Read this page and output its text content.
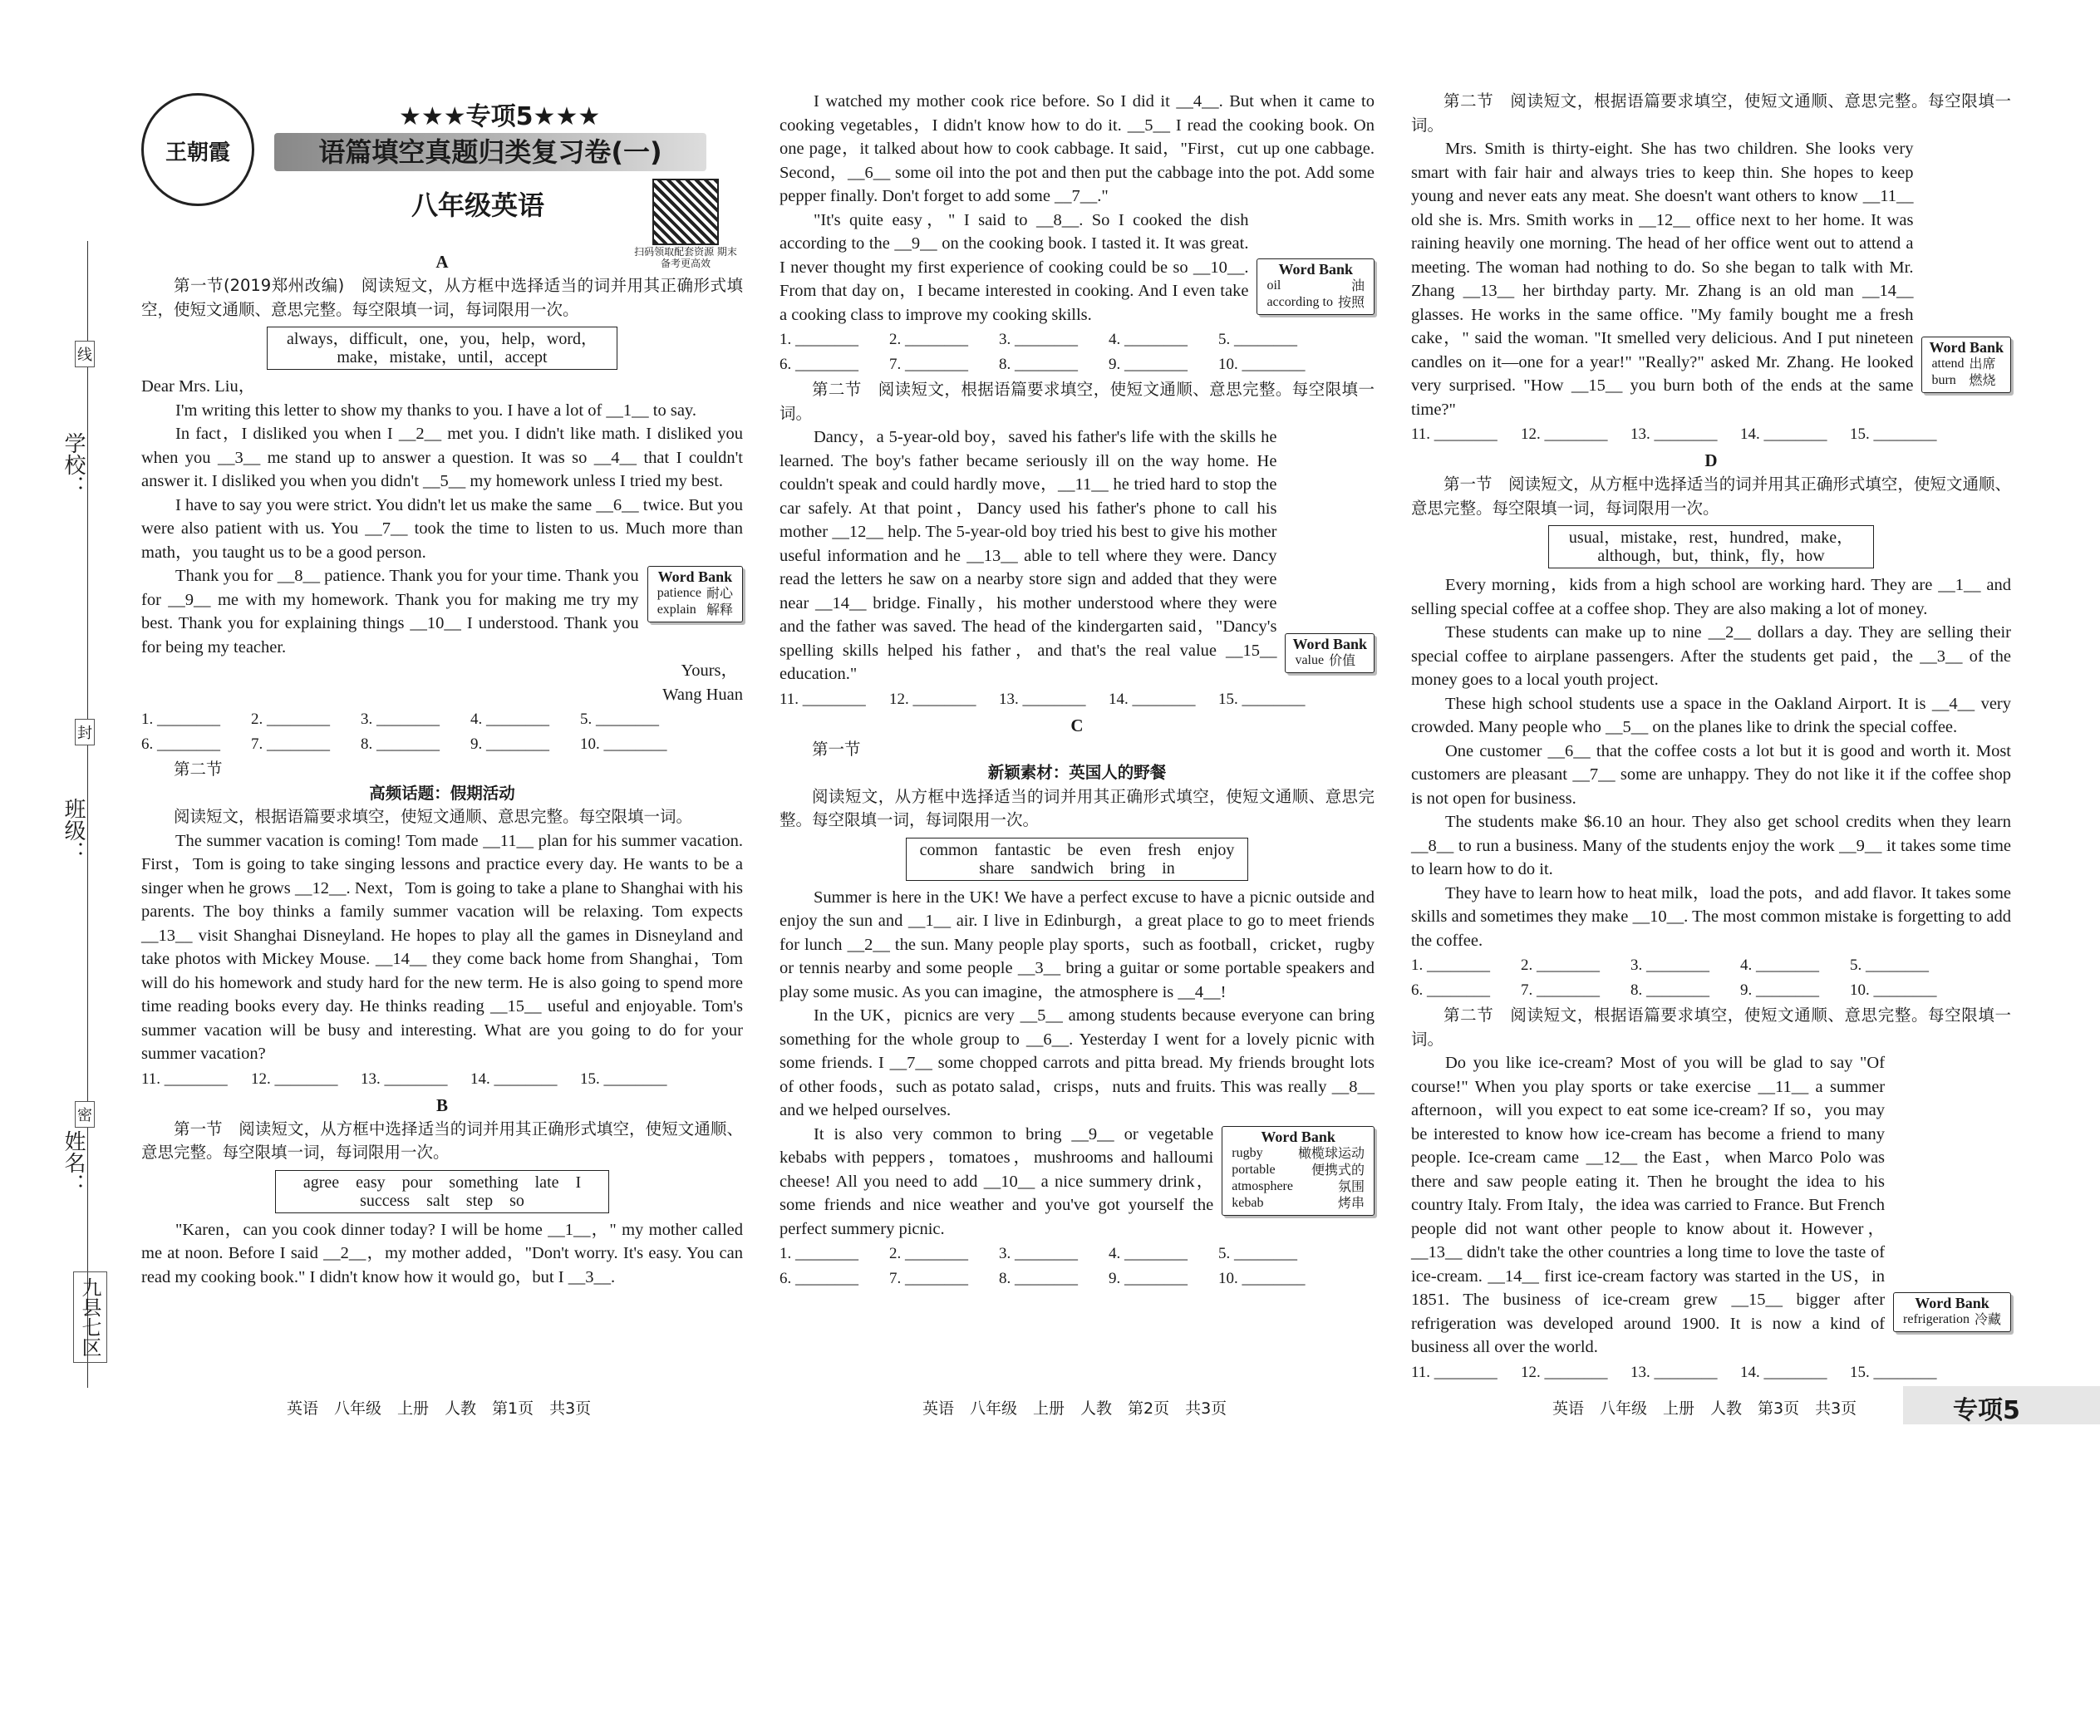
学校：
班级：
姓名：
线
封
密
九县七区
王朝霞
★★★专项5★★★
语篇填空真题归类复习卷(一)
八年级英语
扫码领取配套资源 期末备考更高效

A

第一节(2019郑州改编)　阅读短文，从方框中选择适当的词并用其正确形式填空，使短文通顺、意思完整。每空限填一词，每词限用一次。

always，difficult，one，you，help，word，make，mistake，until，accept

Dear Mrs. Liu，

I'm writing this letter to show my thanks to you. I have a lot of __1__ to say.

In fact，I disliked you when I __2__ met you. I didn't like math. I disliked you when you __3__ me stand up to answer a question. It was so __4__ that I couldn't answer it. I disliked you when you didn't __5__ my homework unless I tried my best.

I have to say you were strict. You didn't let us make the same __6__ twice. But you were also patient with us. You __7__ took the time to listen to us. Much more than math，you taught us to be a good person.

Word Bank
patience	耐心
explain	解释

Thank you for __8__ patience. Thank you for your time. Thank you for __9__ me with my homework. Thank you for making me try my best. Thank you for explaining things __10__ I understood. Thank you for being my teacher.

Yours，

Wang Huan

1. ________ 2. ________ 3. ________ 4. ________ 5. ________
6. ________ 7. ________ 8. ________ 9. ________ 10. ________

第二节

高频话题：假期活动

阅读短文，根据语篇要求填空，使短文通顺、意思完整。每空限填一词。

The summer vacation is coming! Tom made __11__ plan for his summer vacation. First，Tom is going to take singing lessons and practice every day. He wants to be a singer when he grows __12__. Next，Tom is going to take a plane to Shanghai with his parents. The boy thinks a family summer vacation will be relaxing. Tom expects __13__ visit Shanghai Disneyland. He hopes to play all the games in Disneyland and take photos with Mickey Mouse. __14__ they come back home from Shanghai，Tom will do his homework and study hard for the new term. He is also going to spend more time reading books every day. He thinks reading __15__ useful and enjoyable. Tom's summer vacation will be busy and interesting. What are you going to do for your summer vacation?

11. ________ 12. ________ 13. ________ 14. ________ 15. ________

B

第一节　阅读短文，从方框中选择适当的词并用其正确形式填空，使短文通顺、意思完整。每空限填一词，每词限用一次。

agree　easy　pour　something　late　I　success　salt　step　so

"Karen，can you cook dinner today? I will be home __1__，" my mother called me at noon. Before I said __2__，my mother added，"Don't worry. It's easy. You can read my cooking book." I didn't know how it would go，but I __3__.

I watched my mother cook rice before. So I did it __4__. But when it came to cooking vegetables，I didn't know how to do it. __5__ I read the cooking book. On one page，it talked about how to cook cabbage. It said，"First，cut up one cabbage. Second，__6__ some oil into the pot and then put the cabbage into the pot. Add some pepper finally. Don't forget to add some __7__."

Word Bank
oil	油
according to	按照

"It's quite easy，" I said to __8__. So I cooked the dish according to the __9__ on the cooking book. I tasted it. It was great. I never thought my first experience of cooking could be so __10__. From that day on，I became interested in cooking. And I even take a cooking class to improve my cooking skills.

1. ________ 2. ________ 3. ________ 4. ________ 5. ________
6. ________ 7. ________ 8. ________ 9. ________ 10. ________

第二节　阅读短文，根据语篇要求填空，使短文通顺、意思完整。每空限填一词。

Word Bank
value	价值

Dancy，a 5-year-old boy，saved his father's life with the skills he learned. The boy's father became seriously ill on the way home. He couldn't speak and could hardly move，__11__ he tried hard to stop the car safely. At that point，Dancy used his father's phone to call his mother __12__ help. The 5-year-old boy tried his best to give his mother useful information and he __13__ able to tell where they were. Dancy read the letters he saw on a nearby store sign and added that they were near __14__ bridge. Finally，his mother understood where they were and the father was saved. The head of the kindergarten said，"Dancy's spelling skills helped his father，and that's the real value __15__ education."

11. ________ 12. ________ 13. ________ 14. ________ 15. ________

C

第一节

新颖素材：英国人的野餐

阅读短文，从方框中选择适当的词并用其正确形式填空，使短文通顺、意思完整。每空限填一词，每词限用一次。

common　fantastic　be　even　fresh　enjoy　share　sandwich　bring　in

Summer is here in the UK! We have a perfect excuse to have a picnic outside and enjoy the sun and __1__ air. I live in Edinburgh，a great place to go to meet friends for lunch __2__ the sun. Many people play sports，such as football，cricket，rugby or tennis nearby and some people __3__ bring a guitar or some portable speakers and play some music. As you can imagine，the atmosphere is __4__!

In the UK，picnics are very __5__ among students because everyone can bring something for the whole group to __6__. Yesterday I went for a lovely picnic with some friends. I __7__ some chopped carrots and pitta bread. My friends brought lots of other foods，such as potato salad，crisps，nuts and fruits. This was really __8__ and we helped ourselves.

Word Bank
rugby	橄榄球运动
portable	便携式的
atmosphere	氛围
kebab	烤串

It is also very common to bring __9__ or vegetable kebabs with peppers，tomatoes，mushrooms and halloumi cheese! All you need to add __10__ a nice summery drink，some friends and nice weather and you've got yourself the perfect summery picnic.

1. ________ 2. ________ 3. ________ 4. ________ 5. ________
6. ________ 7. ________ 8. ________ 9. ________ 10. ________

第二节　阅读短文，根据语篇要求填空，使短文通顺、意思完整。每空限填一词。

Word Bank
attend	出席
burn	燃烧

Mrs. Smith is thirty-eight. She has two children. She looks very smart with fair hair and always tries to keep thin. She hopes to keep young and never eats any meat. She doesn't want others to know __11__ old she is. Mrs. Smith works in __12__ office next to her home. It was raining heavily one morning. The head of her office went out to attend a meeting. The woman had nothing to do. So she began to talk with Mr. Zhang __13__ her birthday party. Mr. Zhang is an old man __14__ glasses. He works in the same office. "My family bought me a fresh cake，" said the woman. "It smelled very delicious. And I put nineteen candles on it—one for a year!" "Really?" asked Mr. Zhang. He looked very surprised. "How __15__ you burn both of the ends at the same time?"

11. ________ 12. ________ 13. ________ 14. ________ 15. ________

D

第一节　阅读短文，从方框中选择适当的词并用其正确形式填空，使短文通顺、意思完整。每空限填一词，每词限用一次。

usual，mistake，rest，hundred，make，although，but，think，fly，how

Every morning，kids from a high school are working hard. They are __1__ and selling special coffee at a coffee shop. They are also making a lot of money.

These students can make up to nine __2__ dollars a day. They are selling their special coffee to airplane passengers. After the students get paid，the __3__ of the money goes to a local youth project.

These high school students use a space in the Oakland Airport. It is __4__ very crowded. Many people who __5__ on the planes like to drink the special coffee.

One customer __6__ that the coffee costs a lot but it is good and worth it. Most customers are pleasant __7__ some are unhappy. They do not like it if the coffee shop is not open for business.

The students make $6.10 an hour. They also get school credits when they learn __8__ to run a business. Many of the students enjoy the work __9__ it takes some time to learn how to do it.

They have to learn how to heat milk，load the pots，and add flavor. It takes some skills and sometimes they make __10__. The most common mistake is forgetting to add the coffee.

1. ________ 2. ________ 3. ________ 4. ________ 5. ________
6. ________ 7. ________ 8. ________ 9. ________ 10. ________

第二节　阅读短文，根据语篇要求填空，使短文通顺、意思完整。每空限填一词。

Word Bank
refrigeration	冷藏

Do you like ice-cream? Most of you will be glad to say "Of course!" When you play sports or take exercise __11__ a summer afternoon，will you expect to eat some ice-cream? If so，you may be interested to know how ice-cream has become a friend to many people. Ice-cream came __12__ the East，when Marco Polo was there and saw people eating it. Then he brought the idea to his country Italy. From Italy，the idea was carried to France. But French people did not want other people to know about it. However，__13__ didn't take the other countries a long time to love the taste of ice-cream. __14__ first ice-cream factory was started in the US，in 1851. The business of ice-cream grew __15__ bigger after refrigeration was developed around 1900. It is now a kind of business all over the world.

11. ________ 12. ________ 13. ________ 14. ________ 15. ________
英语　八年级　上册　人教　第1页　共3页	英语　八年级　上册　人教　第2页　共3页	英语　八年级　上册　人教　第3页　共3页	专项5
